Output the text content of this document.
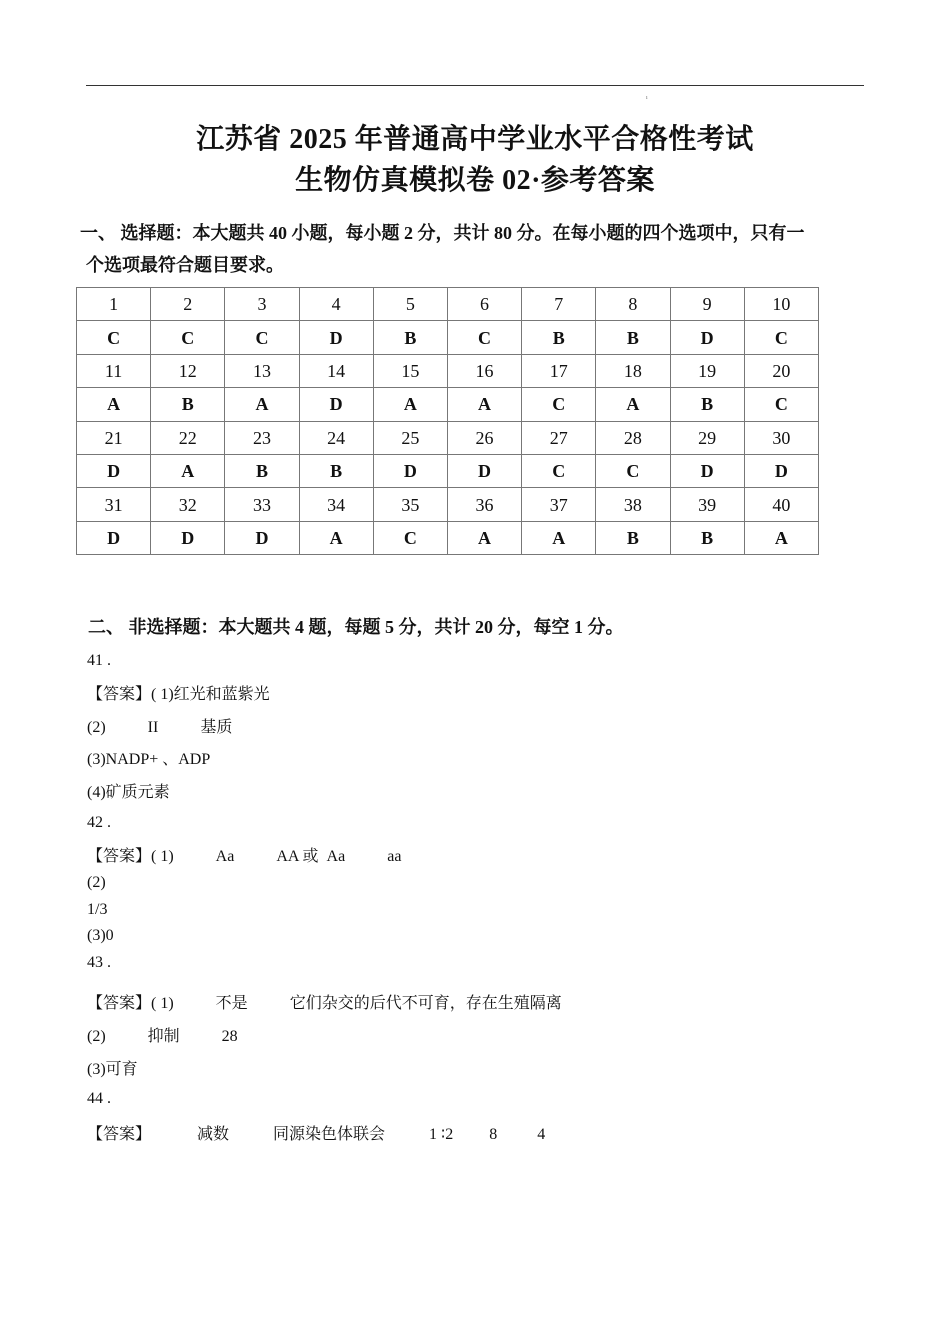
ı
江苏省 2025 年普通高中学业水平合格性考试
生物仿真模拟卷 02·参考答案
一、 选择题：本大题共 40 小题，每小题 2 分，共计 80 分。在每小题的四个选项中，只有一
个选项最符合题目要求。
1	2	3	4	5	6	7	8	9	10
C	C	C	D	B	C	B	B	D	C
11	12	13	14	15	16	17	18	19	20
A	B	A	D	A	A	C	A	B	C
21	22	23	24	25	26	27	28	29	30
D	A	B	B	D	D	C	C	D	D
31	32	33	34	35	36	37	38	39	40
D	D	D	A	C	A	A	B	B	A
二、 非选择题：本大题共 4 题，每题 5 分，共计 20 分，每空 1 分。
41 .
【答案】( 1)红光和蓝紫光
(2)	II	基质
(3)NADP+ 、ADP
(4)矿质元素
42 .
【答案】( 1)	Aa	AA 或  Aa	aa
(2)
1/3
(3)0
43 .
【答案】( 1)	不是	它们杂交的后代不可育，存在生殖隔离
(2)	抑制	28
(3)可育
44 .
【答案】	减数	同源染色体联会	1 ∶2 8	4
